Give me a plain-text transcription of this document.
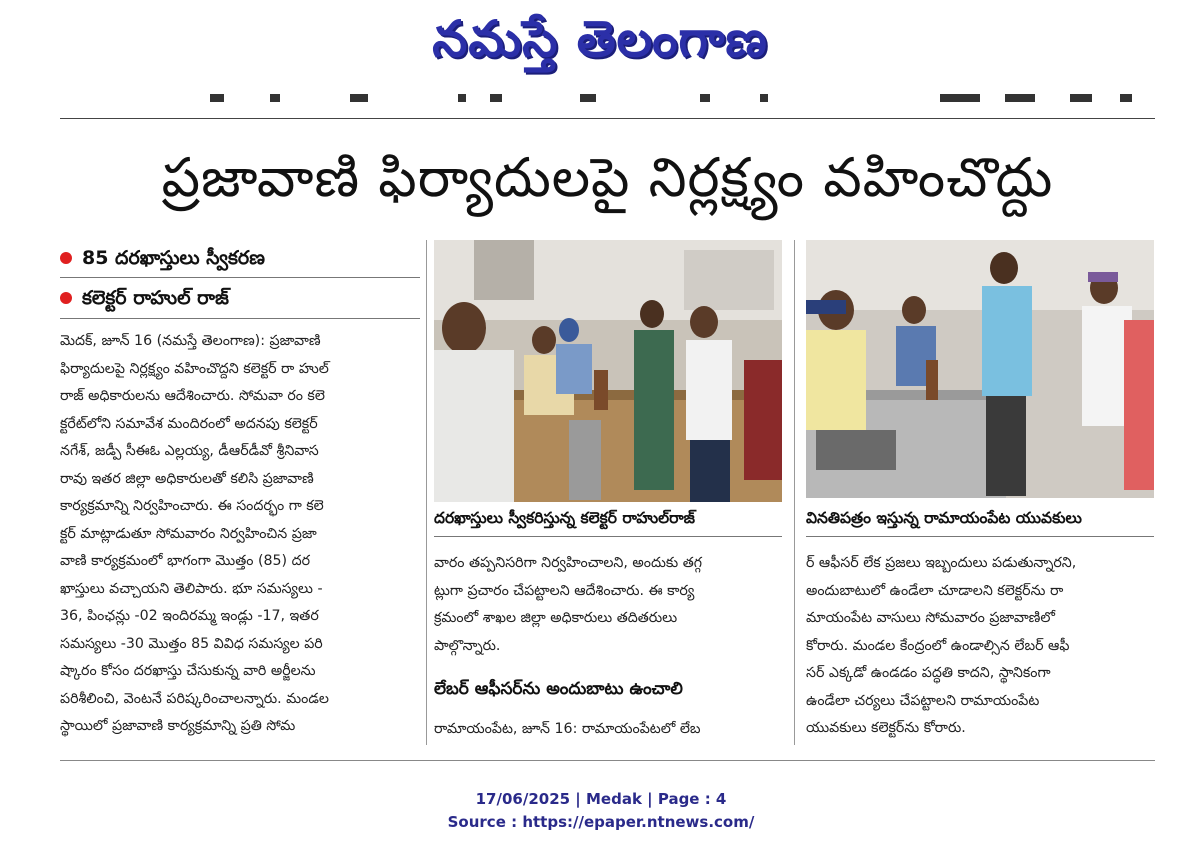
నమస్తే తెలంగాణ
ప్రజావాణి ఫిర్యాదులపై నిర్లక్ష్యం వహించొద్దు
85 దరఖాస్తులు స్వీకరణ
కలెక్టర్ రాహుల్ రాజ్
మెదక్, జూన్ 16 (నమస్తే తెలంగాణ): ప్రజావాణి
ఫిర్యాదులపై నిర్లక్ష్యం వహించొద్దని కలెక్టర్ రా హుల్
రాజ్ అధికారులను ఆదేశించారు. సోమవా రం కలె
క్టరేట్‌లోని సమావేశ మందిరంలో అదనపు కలెక్టర్
నగేశ్, జడ్పీ సీఈఓ ఎల్లయ్య, డీఆర్‌డీవో శ్రీనివాస
రావు ఇతర జిల్లా అధికారులతో కలిసి ప్రజావాణి
కార్యక్రమాన్ని నిర్వహించారు. ఈ సందర్భం గా కలె
క్టర్ మాట్లాడుతూ సోమవారం నిర్వహించిన ప్రజా
వాణి కార్యక్రమంలో భాగంగా మొత్తం (85) దర
ఖాస్తులు వచ్చాయని తెలిపారు. భూ సమస్యలు -
36, పింఛన్లు -02 ఇందిరమ్మ ఇండ్లు -17, ఇతర
సమస్యలు -30 మొత్తం 85 వివిధ సమస్యల పరి
ష్కారం కోసం దరఖాస్తు చేసుకున్న వారి అర్జీలను
పరిశీలించి, వెంటనే పరిష్కరించాలన్నారు. మండల
స్థాయిలో ప్రజావాణి కార్యక్రమాన్ని ప్రతి సోమ
దరఖాస్తులు స్వీకరిస్తున్న కలెక్టర్ రాహుల్‌రాజ్	వినతిపత్రం ఇస్తున్న రామాయంపేట యువకులు
వారం తప్పనిసరిగా నిర్వహించాలని, అందుకు తగ్గ
ట్లుగా ప్రచారం చేపట్టాలని ఆదేశించారు. ఈ కార్య
క్రమంలో శాఖల జిల్లా అధికారులు తదితరులు
పాల్గొన్నారు.
లేబర్ ఆఫీసర్‌ను అందుబాటు ఉంచాలి
రామాయంపేట, జూన్ 16: రామాయంపేటలో లేబ
ర్ ఆఫీసర్ లేక ప్రజలు ఇబ్బందులు పడుతున్నారని,
అందుబాటులో ఉండేలా చూడాలని కలెక్టర్‌ను రా
మాయంపేట వాసులు సోమవారం ప్రజావాణిలో
కోరారు. మండల కేంద్రంలో ఉండాల్సిన లేబర్ ఆఫీ
సర్ ఎక్కడో ఉండడం పద్ధతి కాదని, స్థానికంగా
ఉండేలా చర్యలు చేపట్టాలని రామాయంపేట
యువకులు కలెక్టర్‌ను కోరారు.
17/06/2025 | Medak | Page : 4
Source : https://epaper.ntnews.com/
